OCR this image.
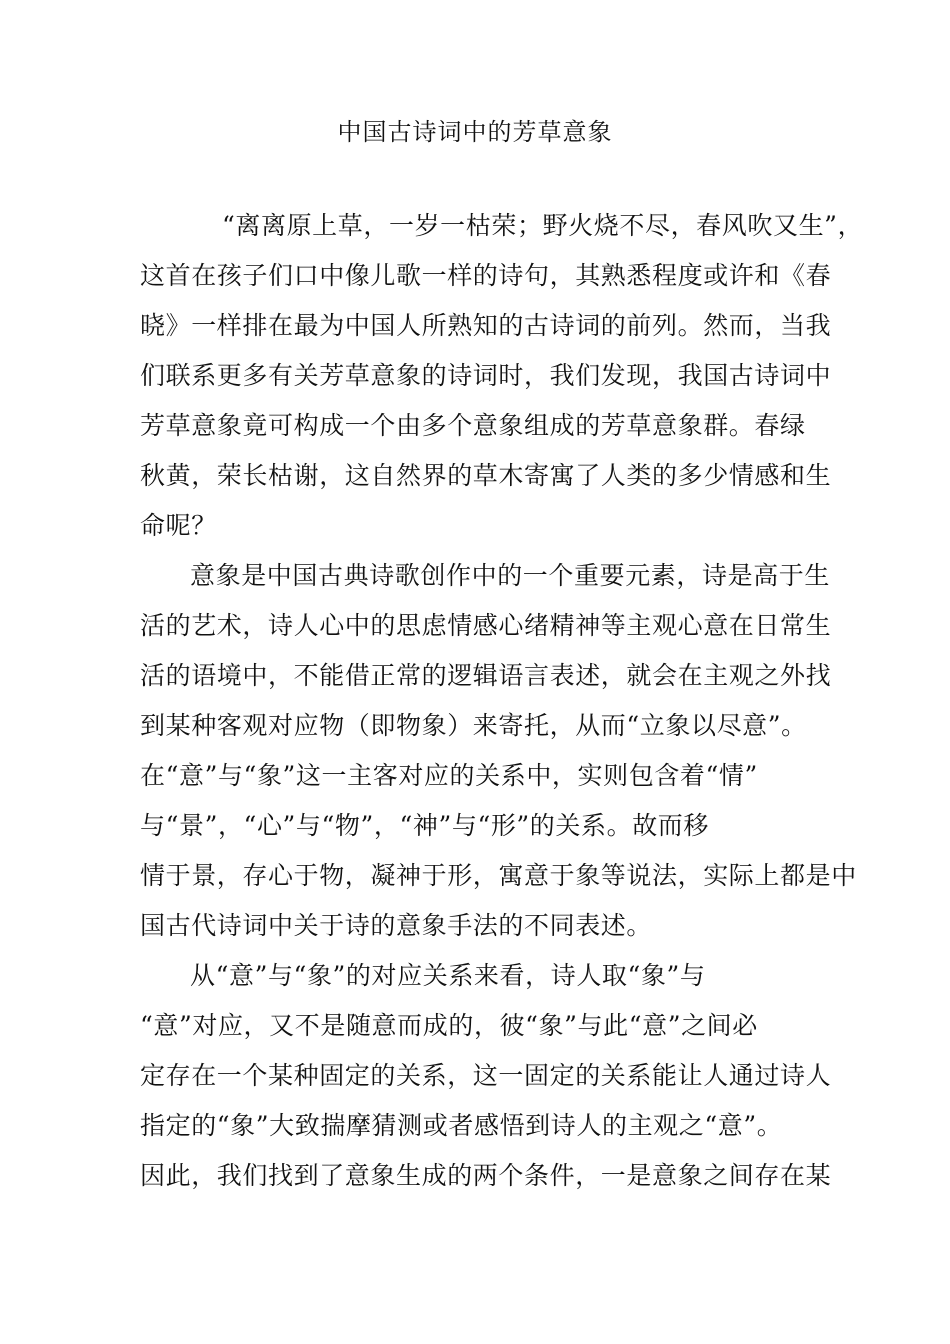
中国古诗词中的芳草意象
“离离原上草，一岁一枯荣；野火烧不尽，春风吹又生”，
这首在孩子们口中像儿歌一样的诗句，其熟悉程度或许和《春
晓》一样排在最为中国人所熟知的古诗词的前列。然而，当我
们联系更多有关芳草意象的诗词时，我们发现，我国古诗词中
芳草意象竟可构成一个由多个意象组成的芳草意象群。春绿
秋黄，荣长枯谢，这自然界的草木寄寓了人类的多少情感和生
命呢？
意象是中国古典诗歌创作中的一个重要元素，诗是高于生
活的艺术，诗人心中的思虑情感心绪精神等主观心意在日常生
活的语境中，不能借正常的逻辑语言表述，就会在主观之外找
到某种客观对应物（即物象）来寄托，从而“立象以尽意”。
在“意”与“象”这一主客对应的关系中，实则包含着“情”
与“景”，“心”与“物”，“神”与“形”的关系。故而移
情于景，存心于物，凝神于形，寓意于象等说法，实际上都是中
国古代诗词中关于诗的意象手法的不同表述。
从“意”与“象”的对应关系来看，诗人取“象”与
“意”对应，又不是随意而成的，彼“象”与此“意”之间必
定存在一个某种固定的关系，这一固定的关系能让人通过诗人
指定的“象”大致揣摩猜测或者感悟到诗人的主观之“意”。
因此，我们找到了意象生成的两个条件，一是意象之间存在某
